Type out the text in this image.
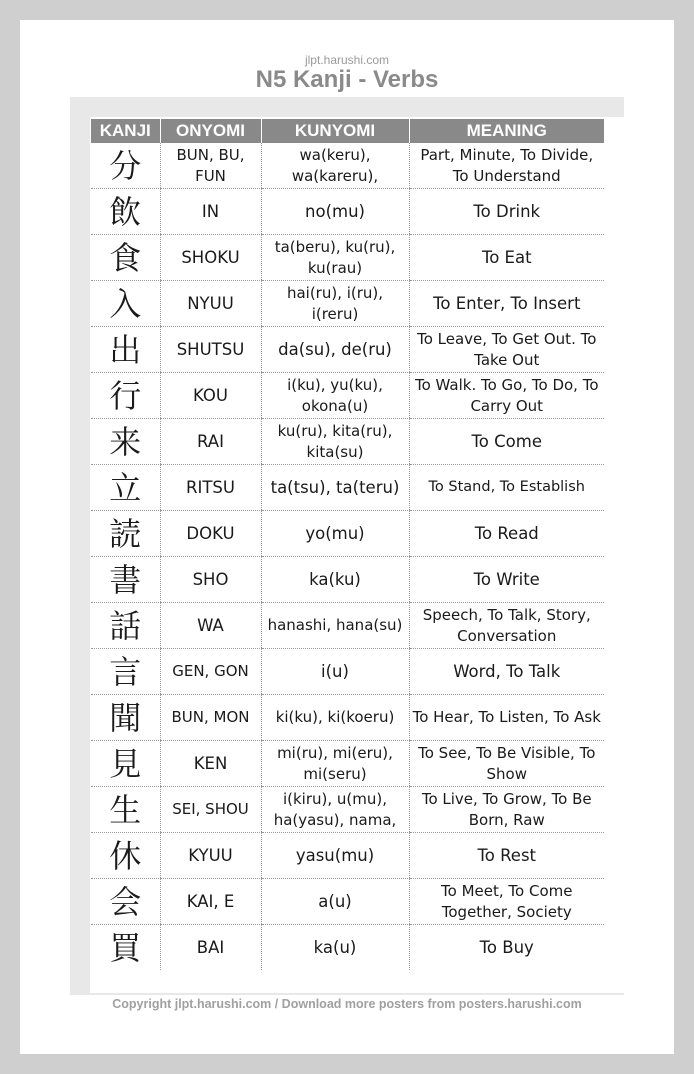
jlpt.harushi.com
N5 Kanji - Verbs
KANJI	ONYOMI	KUNYOMI	MEANING
分	BUN, BU, FUN	wa(keru), wa(kareru),	Part, Minute, To Divide, To Understand
飲	IN	no(mu)	To Drink
食	SHOKU	ta(beru), ku(ru), ku(rau)	To Eat
入	NYUU	hai(ru), i(ru), i(reru)	To Enter, To Insert
出	SHUTSU	da(su), de(ru)	To Leave, To Get Out. To Take Out
行	KOU	i(ku), yu(ku), okona(u)	To Walk. To Go, To Do, To Carry Out
来	RAI	ku(ru), kita(ru), kita(su)	To Come
立	RITSU	ta(tsu), ta(teru)	To Stand, To Establish
読	DOKU	yo(mu)	To Read
書	SHO	ka(ku)	To Write
話	WA	hanashi, hana(su)	Speech, To Talk, Story, Conversation
言	GEN, GON	i(u)	Word, To Talk
聞	BUN, MON	ki(ku), ki(koeru)	To Hear, To Listen, To Ask
見	KEN	mi(ru), mi(eru), mi(seru)	To See, To Be Visible, To Show
生	SEI, SHOU	i(kiru), u(mu), ha(yasu), nama,	To Live, To Grow, To Be Born, Raw
休	KYUU	yasu(mu)	To Rest
会	KAI, E	a(u)	To Meet, To Come Together, Society
買	BAI	ka(u)	To Buy
Copyright jlpt.harushi.com / Download more posters from posters.harushi.com
